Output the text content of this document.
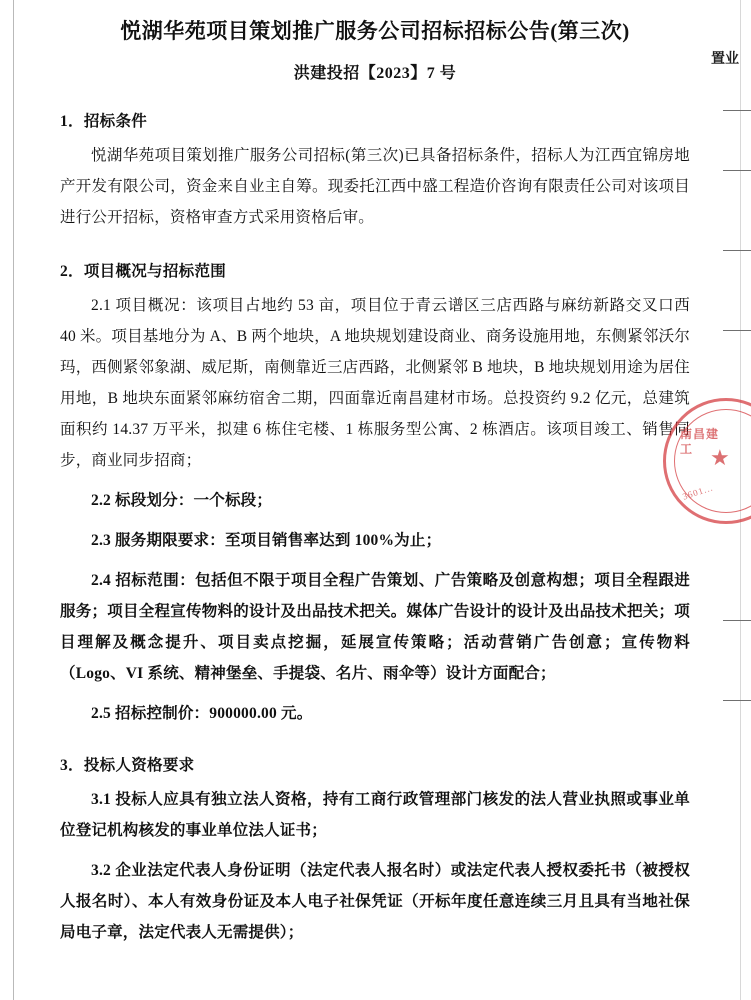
悦湖华苑项目策划推广服务公司招标招标公告(第三次)
洪建投招【2023】7 号
1．招标条件

悦湖华苑项目策划推广服务公司招标(第三次)已具备招标条件，招标人为江西宜锦房地产开发有限公司，资金来自业主自筹。现委托江西中盛工程造价咨询有限责任公司对该项目进行公开招标，资格审查方式采用资格后审。

2．项目概况与招标范围

2.1 项目概况：该项目占地约 53 亩，项目位于青云谱区三店西路与麻纺新路交叉口西 40 米。项目基地分为 A、B 两个地块，A 地块规划建设商业、商务设施用地，东侧紧邻沃尔玛，西侧紧邻象湖、威尼斯，南侧靠近三店西路，北侧紧邻 B 地块，B 地块规划用途为居住用地，B 地块东面紧邻麻纺宿舍二期，四面靠近南昌建材市场。总投资约 9.2 亿元，总建筑面积约 14.37 万平米，拟建 6 栋住宅楼、1 栋服务型公寓、2 栋酒店。该项目竣工、销售同步，商业同步招商；

2.2 标段划分：一个标段；

2.3 服务期限要求：至项目销售率达到 100%为止；

2.4 招标范围：包括但不限于项目全程广告策划、广告策略及创意构想；项目全程跟进服务；项目全程宣传物料的设计及出品技术把关。媒体广告设计的设计及出品技术把关；项目理解及概念提升、项目卖点挖掘，延展宣传策略；活动营销广告创意；宣传物料（Logo、VI 系统、精神堡垒、手提袋、名片、雨伞等）设计方面配合；

2.5 招标控制价：900000.00 元。

3．投标人资格要求

3.1 投标人应具有独立法人资格，持有工商行政管理部门核发的法人营业执照或事业单位登记机构核发的事业单位法人证书；

3.2 企业法定代表人身份证明（法定代表人报名时）或法定代表人授权委托书（被授权人报名时）、本人有效身份证及本人电子社保凭证（开标年度任意连续三月且具有当地社保局电子章，法定代表人无需提供）；

置业
南昌建工 ★
3601...
